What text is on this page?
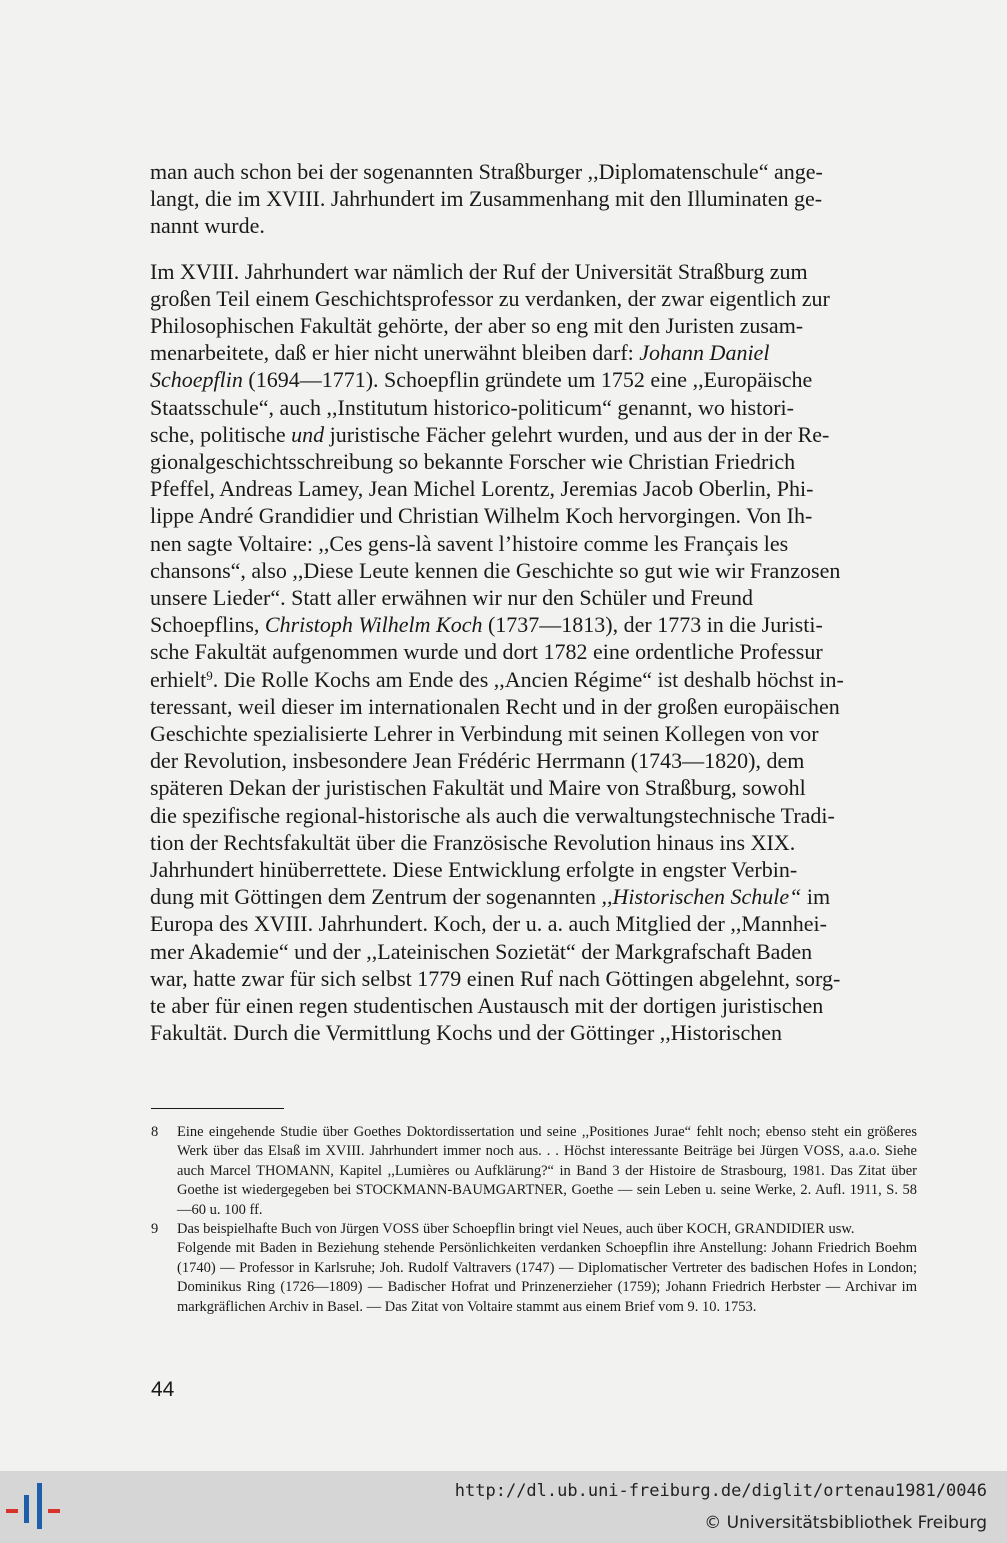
man auch schon bei der sogenannten Straßburger ,,Diplomatenschule“ ange-
langt, die im XVIII. Jahrhundert im Zusammenhang mit den Illuminaten ge-
nannt wurde.

Im XVIII. Jahrhundert war nämlich der Ruf der Universität Straßburg zum
großen Teil einem Geschichtsprofessor zu verdanken, der zwar eigentlich zur
Philosophischen Fakultät gehörte, der aber so eng mit den Juristen zusam-
menarbeitete, daß er hier nicht unerwähnt bleiben darf: Johann Daniel
Schoepflin (1694—1771). Schoepflin gründete um 1752 eine ,,Europäische
Staatsschule“, auch ,,Institutum historico-politicum“ genannt, wo histori-
sche, politische und juristische Fächer gelehrt wurden, und aus der in der Re-
gionalgeschichtsschreibung so bekannte Forscher wie Christian Friedrich
Pfeffel, Andreas Lamey, Jean Michel Lorentz, Jeremias Jacob Oberlin, Phi-
lippe André Grandidier und Christian Wilhelm Koch hervorgingen. Von Ih-
nen sagte Voltaire: ,,Ces gens-là savent l’histoire comme les Français les
chansons“, also ,,Diese Leute kennen die Geschichte so gut wie wir Franzosen
unsere Lieder“. Statt aller erwähnen wir nur den Schüler und Freund
Schoepflins, Christoph Wilhelm Koch (1737—1813), der 1773 in die Juristi-
sche Fakultät aufgenommen wurde und dort 1782 eine ordentliche Professur
erhielt$^9$. Die Rolle Kochs am Ende des ,,Ancien Régime“ ist deshalb höchst in-
teressant, weil dieser im internationalen Recht und in der großen europäischen
Geschichte spezialisierte Lehrer in Verbindung mit seinen Kollegen von vor
der Revolution, insbesondere Jean Frédéric Herrmann (1743—1820), dem
späteren Dekan der juristischen Fakultät und Maire von Straßburg, sowohl
die spezifische regional-historische als auch die verwaltungstechnische Tradi-
tion der Rechtsfakultät über die Französische Revolution hinaus ins XIX.
Jahrhundert hinüberrettete. Diese Entwicklung erfolgte in engster Verbin-
dung mit Göttingen dem Zentrum der sogenannten ,,Historischen Schule“ im
Europa des XVIII. Jahrhundert. Koch, der u. a. auch Mitglied der ,,Mannhei-
mer Akademie“ und der ,,Lateinischen Sozietät“ der Markgrafschaft Baden
war, hatte zwar für sich selbst 1779 einen Ruf nach Göttingen abgelehnt, sorg-
te aber für einen regen studentischen Austausch mit der dortigen juristischen
Fakultät. Durch die Vermittlung Kochs und der Göttinger ,,Historischen

8	Eine eingehende Studie über Goethes Doktordissertation und seine ,,Positiones Jurae“ fehlt noch; ebenso steht ein größeres Werk über das Elsaß im XVIII. Jahrhundert immer noch aus. . . Höchst interessante Beiträge bei Jürgen VOSS, a.a.o. Siehe auch Marcel THOMANN, Kapitel ,,Lumières ou Aufklärung?“ in Band 3 der Histoire de Strasbourg, 1981. Das Zitat über Goethe ist wiedergegeben bei STOCKMANN-BAUMGARTNER, Goethe — sein Leben u. seine Werke, 2. Aufl. 1911, S. 58—60 u. 100 ff.

9	Das beispielhafte Buch von Jürgen VOSS über Schoepflin bringt viel Neues, auch über KOCH, GRANDIDIER usw.

Folgende mit Baden in Beziehung stehende Persönlichkeiten verdanken Schoepflin ihre Anstellung: Johann Friedrich Boehm (1740) — Professor in Karlsruhe; Joh. Rudolf Valtravers (1747) — Diplomatischer Vertreter des badischen Hofes in London; Dominikus Ring (1726—1809) — Badischer Hofrat und Prinzenerzieher (1759); Johann Friedrich Herbster — Archivar im markgräflichen Archiv in Basel. — Das Zitat von Voltaire stammt aus einem Brief vom 9. 10. 1753.

44
http://dl.ub.uni-freiburg.de/diglit/ortenau1981/0046
© Universitätsbibliothek Freiburg
